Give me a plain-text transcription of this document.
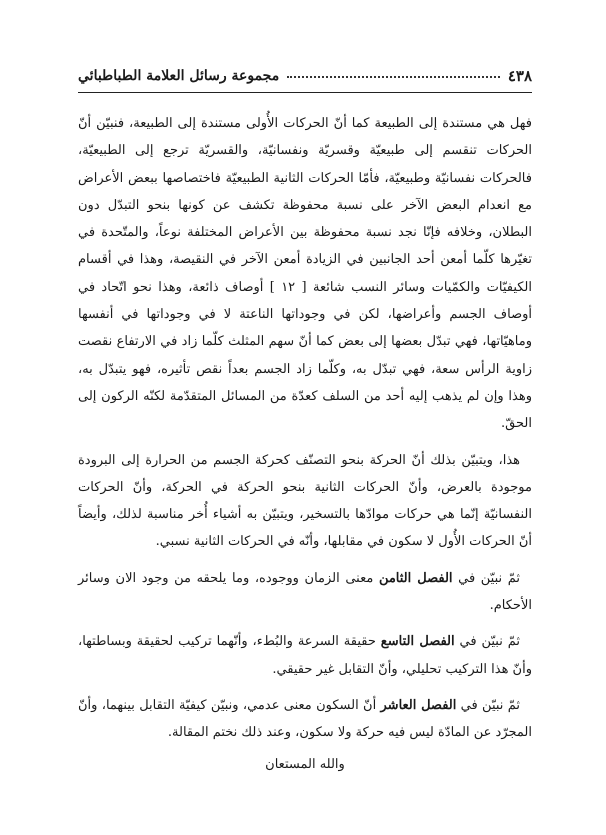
مجموعة رسائل العلامة الطباطبائي	٤٣٨

فهل هي مستندة إلى الطبيعة كما أنّ الحركات الأُولى مستندة إلى الطبيعة، فنبيّن أنّ الحركات تنقسم إلى طبيعيّة وقسريّة ونفسانيّة، والقسريّة ترجع إلى الطبيعيّة، فالحركات نفسانيّة وطبيعيّة، فأمّا الحركات الثانية الطبيعيّة فاختصاصها ببعض الأعراض مع انعدام البعض الآخر على نسبة محفوظة تكشف عن كونها بنحو التبدّل دون البطلان، وخلافه فإنّا نجد نسبة محفوظة بين الأعراض المختلفة نوعاً، والمتّحدة في تغيّرها كلّما أمعن أحد الجانبين في الزيادة أمعن الآخر في النقيصة، وهذا في أقسام الكيفيّات والكمّيات وسائر النسب شائعة [ ١٢ ] أوصاف ذائعة، وهذا نحو اتّحاد في أوصاف الجسم وأعراضها، لكن في وجوداتها الناعتة لا في وجوداتها في أنفسها وماهيّاتها، فهي تبدّل بعضها إلى بعض كما أنّ سهم المثلث كلّما زاد في الارتفاع نقصت زاوية الرأس سعة، فهي تبدّل به، وكلّما زاد الجسم بعداً نقص تأثيره، فهو يتبدّل به، وهذا وإن لم يذهب إليه أحد من السلف كعدّة من المسائل المتقدّمة لكنّه الركون إلى الحقّ.

هذا، ويتبيّن بذلك أنّ الحركة بنحو التصنّف كحركة الجسم من الحرارة إلى البرودة موجودة بالعرض، وأنّ الحركات الثانية بنحو الحركة في الحركة، وأنّ الحركات النفسانيّة إنّما هي حركات موادّها بالتسخير، ويتبيّن به أشياء أُخر مناسبة لذلك، وأيضاً أنّ الحركات الأُول لا سكون في مقابلها، وأنّه في الحركات الثانية نسبي.

ثمّ نبيّن في الفصل الثامن معنى الزمان ووجوده، وما يلحقه من وجود الان وسائر الأحكام.

ثمّ نبيّن في الفصل التاسع حقيقة السرعة والبُطء، وأنّهما تركيب لحقيقة وبساطتها، وأنّ هذا التركيب تحليلي، وأنّ التقابل غير حقيقي.

ثمّ نبيّن في الفصل العاشر أنّ السكون معنى عدمي، ونبيّن كيفيّة التقابل بينهما، وأنّ المجرّد عن المادّة ليس فيه حركة ولا سكون، وعند ذلك نختم المقالة.

والله المستعان
